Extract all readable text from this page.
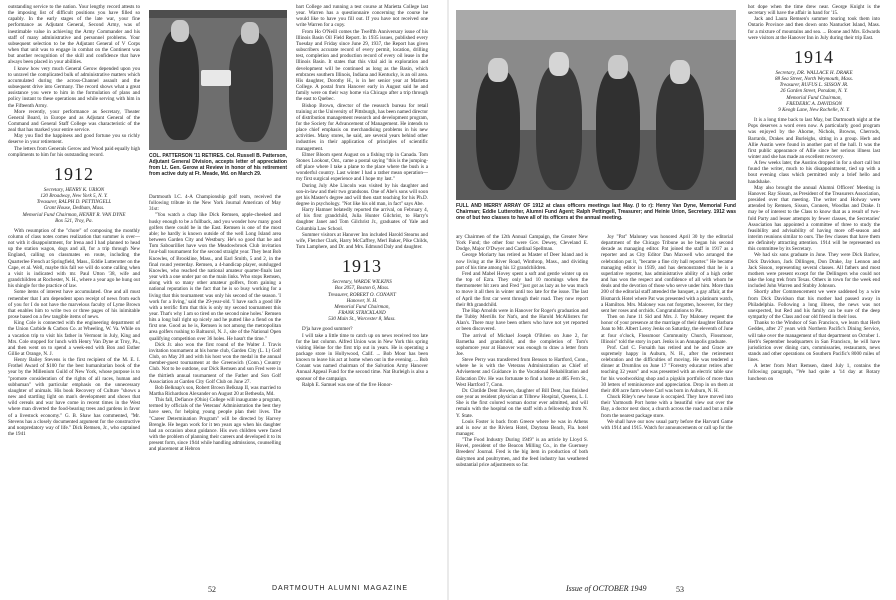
outstanding service to the nation. Your lengthy record attests to the imposing list of difficult positions you have filled so capably. In the early stages of the late war, your fine performance as Adjutant General, Second Army, was of inestimable value in achieving the Army Commander and his staff of many administrative and personnel problems. Your subsequent selection to be the Adjutant General of V Corps when that unit was to engage in combat on the Continent was but another recognition of the skill and confidence that have always been placed in your abilities.

I know how very much General Gerow depended upon you to unravel the complicated bulk of administrative matters which accumulated during the across-Channel assault and the subsequent drive into Germany. The record shows what a great assistance you were to him in the formulation of plans and policy instant to these operations and while serving with him in the Fifteenth Army.

More recently, your performance as Secretary, Theater General Board, in Europe and as Adjutant General of the Command and General Staff College was characteristic of the zeal that has marked your entire service.

May you find the happiness and good fortune you so richly deserve in your retirement.

The letters from Generals Gerow and Wood paid equally high compliments to him for his outstanding record.

1912

Secretary, HENRY K. URION

120 Broadway, New York 5, N. Y.

Treasurer, RALPH D. PETTINGELL

Grant House, Dedham, Mass.

Memorial Fund Chairman, HENRY R. VAN DYNE

Box 521, Troy, Pa.

With resumption of the "chore" of composing the monthly column of class notes comes realization that summer is over—not with it disappointment, for Irena and I had planned to head up the station wagon, dogs and all, for a trip through New England, calling on classmates en route, including the Quarterlee French at Springfield, Mass., Eddie Lutterotter on the Cape, et al. Well, maybe this fall we will do some calling when a visit is indicated with mr. Paul Utton '38, wife and grandchildren at Rochester, N. H., where a year ago he hung out his shingle for the practice of law.

Some items of interest have accumulated. One and all must remember that I am dependent upon receipt of news from each of you for I do not have the marvelous faculty of Lyme Brown that enables him to write two or three pages of his inimitable prose based on a few tangible items of news.

King Cole is connected with the engineering department of the Union Carbide & Carbon Co. at Wheeling, W. Va. While on a vacation trip to visit his father in Vermont in July, King and Mrs. Cole stopped for lunch with Henry Van Dyne at Troy, Pa., and then went on to spend a week-end with Bon and Esther Gillie at Orange, N. J.

Henry Bailey Stevens is the first recipient of the M. E. I. Frothel Award of $100 for the best humanitarian book of the year by the Millenium Guild of New York, whose purpose is to "promote consideration of the rights of all races, human and subhuman" with particular emphasis on the unnecessary slaughter of animals. His book Recovery of Culture "shows a new and startling light on man's development and shows that wild cereals and war have come in recent times in the West where man diverted the food-bearing trees and gardens in favor of a livestock economy." G. B. Shaw has commented, "Mr. Stevens has a closely documented argument for the constructive and nonpredatory way of life." Dick Remsen, Jr., who captained the 1941

COL. PATTERSON '11 RETIRES. Col. Russell B. Patterson, Adjutant General Division, accepts letter of appreciation from Lt. Gen. Gerow at Review in honor of his retirement from active duty at Ft. Meade, Md. on March 29.

Dartmouth I.C. 4-A Championship golf team, received the following tribute in the New York Journal American of May 31st:

"You watch a chap like Dick Remsen, apple-cheeked and husky enough to be a fullback, and you wonder how many good golfers there could be in the East. Remsen is one of the most able; he hardly is known outside of the well Long Island area between Garden City and Westbury. He's so good that he and Tom Sabourilliet have won the Meadowbrook Club invitation four-ball tournament for the second straight year. They beat Bob Knowles, of Brookline, Mass., and Earl Smith, 5 and 2, in the final round yesterday. Remsen, a 4-handicap player, outslugged Knowles, who reached the national amateur quarter-finals last year with a one under par on the main links. Who stops Remsen, along with so many other amateur golfers, from gaining a national reputation is the fact that he is so busy working for a living that this tournament was only his second of the season. 'I work for a living,' said the 29-year-old. 'I have such a good life with a terrific firm that this is only my second tournament this year. That's why I am so tired on the second nine holes.' Remsen hits a long ball right up nicely and he putted like a fiend on the first one. Good as he is, Remsen is not among the metropolitan area golfers rushing to Baltusrol, N. J., site of the National Open qualifying competition over 36 holes. He hasn't the time."

Dick Jr. also won the first round of the Walter J. Travis invitation tournament at his home club, Garden City (L. I.) Golf Club, on May 20 and with his host won the medal in the annual member-guest tournament at the Greenwich (Conn.) Country Club. Not to be outdone, our Dick Remsen and son Fred were in the thirtieth annual tournament of the Father and Son Golf Association at Garden City Golf Club on June 27.

Bob Belknap's son, Robert Brown Belknap II, was married to Martha Richardson Alexander on August 20 at Bethesda, Md.

This fall, Defiance (Ohio) College will inaugurate a program, termed by officials of the Veterans' Administration the best they have seen, for helping young people plan their lives. The "Career Determination Program" will be directed by Harvey Brengle. He began work for it ten years ago when his daughter had an occasion about guidance. His own children were faced with the problem of planning their careers and developed it to its present form, since 1944 while handling admissions, counselling and placement at Hebron

bart College and running a test course at Marietta College last year. Warren has a questionnaire concerning the course he would like to have you fill out. If you have not received one write Warren for a copy.

From Ho O'Neill comes the Twelfth Anniversary issue of his Illinois Basin Oil Field Report. In 1935 issues, published every Tuesday and Friday since June 29, 1937, the Report has given subscribers accurate record of every permit, location, drilling test, completion and production record of every oil lease in the Illinois Basin. It states that this vital aid in exploration and development will be continued as long as the Basin, which embraces southern Illinois, Indiana and Kentucky, is an oil area. His daughter, Dorothy H., is in her senior year at Marietta College. A postal from Hanover early in August said he and family were on their way home via Chicago after a trip through the east to Quebec.

Bishop Brown, director of the research bureau for retail training at the University of Pittsburgh, has been named director of distribution management research and development program, for the Society for Advancement of Management. He intends to place chief emphasis on merchandising problems in his new activities. Many stores, he said, are several years behind other industries in their application of principles of scientific management.

Elmer Bloom spent August on a fishing trip in Canada. Tom Stonex Lookout, Ont., came a postal saying "this is the jumping-off place where I take a plane to the place where the bush is a wonderful country. Last winter I had a rather mean operation—my first surgical experience and I hope my last."

During July Abe Lincoln was visited by his daughter and son-in-law and their two grandsons. One of Abe's sons will soon get his Master's degree and will then start teaching for his Ph.D. degree in psychology. "Not like his old man, in fact" says Abe.

Harry Hamner belatedly reported the arrival, on February 4, of his first grandchild, Julia Hunter Gilchrist, to Harry's daughter Janet and Tom Gilchrist Jr., graduates of Yale and Columbia Law School.

Summer visitors at Hanover Inn included Harold Stearns and wife, Fletcher Clark, Harry McCaffrey, Merl Baker, Pike Childs, Tom Lamphere, and Dr. and Mrs. Edmund Daly and daughter.

1913

Secretary, WARDE WILKINS

Box 2057, Boston 6, Mass.

Treasurer, ROBERT O. CONANT

Hanover, N. H.

Memorial Fund Chairman,

FRANK STRICKLAND

530 Main St., Worcester 8, Mass.

D'ja have good summer?

I will take a little time to catch up on news received too late for the last column. Alfred Union was in New York this spring visiting Heine for the first trip out in years. He is operating a package store in Hollywood, Calif. ... Bob Moor has been known to leave his act at home when out in the evening. ... Bob Conant was named chairman of the Salvation Army Hanover Annual Appeal Fund for the second time. Nat Burleigh is also a sponsor of the campaign.

Ralph E. Samuel was one of the five Honor-

52	DARTMOUTH ALUMNI MAGAZINE
FULL AND MERRY ARRAY OF 1912 at class officers meetings last May. (l to r): Henry Van Dyne, Memorial Fund Chairman; Eddie Lutterotter, Alumni Fund Agent; Ralph Pettingell, Treasurer; and Heinie Urion, Secretary. 1912 was one of but two classes to have all of its officers at the annual meeting.

ary Chairmen of the 12th Annual Campaign, the Greater New York Fund; the other four were Gov. Dewey, Cleveland E. Dodge, Major O'Dwyer and Cardinal Spellman.

George Moriarty has retired as Master of Deer Island and is now living at the River Road, Winthrop, Mass., and dividing part of his time among his 12 grandchildren.

Fred and Mabel Hovey spent a soft and gentle winter up on the top of Ezra. They only had 10 mornings when the thermometer hit zero and Fred "just got as lazy as he was much to move it all then in winter until too late for the issue. The last of April the first car went through their road. They now report their 8th grandchild.

The Hap Arnolds were in Hanover for Roger's graduation and the Tubby Merrills for Nat's, and the Harold McAllisters for Alan's. There may have been others who have not yet reported or been discovered.

The arrival of Michael Joseph O'Brien on June 2, for Barnetha and grandchild, and the completion of Tom's sophomore year at Hanover was enough to draw a letter from Joe.

Steve Perry was transferred from Benson to Hartford, Conn., where he is with the Veterans Administration as Chief of Advisement and Guidance in the Vocational Rehabilitation and Education Div. He was fortunate to find a home at 485 Fern St., West Hartford 7, Conn.

Dr. Clotilde Dent Bowen, daughter of Bill Dent, has finished one year as resident physician at Tilbrew Hospital, Queens, L. I. She is the first colored woman doctor ever admitted, and will remain with the hospital on the staff with a fellowship from N. Y. State.

Louis Foster is back from Greece where he was in Athens and is now at the Riviera Hotel, Daytona Beach, Fla. hotel manager.

"The Food Industry During 1949" is an article by Lloyd S. Hovel, president of the Beacon Milling Co., in the Guernsey Breeders' Journal. Fred is the big item in production of both dairymen and poultrymen, and the feed industry has weathered substantial price adjustments so far.

Joy "Pat" Maloney was honored April 30 by the editorial department of the Chicago Tribune as he began his second decade as managing editor. Pat joined the staff in 1917 as a reporter and as City Editor Dan Maxwell who arranged the celebration put it, "became a fine city hall reporter." He became managing editor in 1939, and has demonstrated that he is a superlative reporter, has administrative ability of a high order and has won the respect and confidence of all with whom he deals and the devotion of those who serve under him. More than 200 of the editorial staff attended the banquet, a gay affair, at the Bismarck Hotel where Pat was presented with a platinum watch, a Hamilton. Mrs. Maloney was not forgotten, however, for they sent her roses and orchids. Congratulations to Pat.

Then on June 11 Sid and Mrs. J. Toy Maloney request the honor of your presence at the marriage of their daughter Barbara Joan to Mr. Albert Leroy Jenks on Saturday, the eleventh of June at four o'clock, Flossmoor Community Church, Flossmoor, Illinois" told the story in part. Jenks is an Annapolis graduate.

Prof. Carl C. Forsaith has retired and he and Grace are supremely happy in Auburn, N. H., after the retirement celebration and the difficulties of moving. He was tendered a dinner at Drumlins on June 17 "Forestry educator retires after teaching 32 years" and was presented with an electric table saw for his woodworking shop and a pigskin portfolio of more than 30 letters of reminiscence and appreciation. Drop in on them at their 400 acre farm where Carl was born in Auburn, N. H.

Chuck Riley's new house is occupied. They have moved into their Yarmouth Port home with a beautiful view out over the Bay, a doctor next door, a church across the road and but a mile from the nearest package store.

We shall have our now usual party before the Harvard Game with 1914 and 1915. Watch for announcements or call up for the

hot dope when the time drew near. George Knight is the secretary will have the affair in hand for '15.

Jack and Laura Remsen's summer touring took them into Ontario Province and then down onto Nantucket Island, Mass. for a mixture of mountains and sea. ... Boone and Mrs. Edwards were visitors at the Hanover Inn in July during their trip East.

1914

Secretary, DR. WALLACE H. DRAKE

88 Sea Street, North Weymouth, Mass.

Treasurer, RUFUS L. SISSON JR.

26 Garden Street, Potsdam, N. Y.

Memorial Fund Chairman,

FREDERIC A. DAVIDSON

9 Keogh Lane, New Rochelle, N. Y.

It is a long time back to last May, but Dartmouth night at the Pops deserves a word even now. A particularly good program was enjoyed by the Ahorne, Nichols, Browns, Cherrods, Barrards, Drakes and Burleighs, sitting in a group. Herb and Allie Austin were found in another part of the hall. It was the first public appearance of Allie since her serious illness last winter and she has made an excellent recovery.

A few weeks later, the Austins dropped in for a short call but found the writer, much to his disappointment, tied up with a bout evening class which permitted only a brief hello and handshake.

May also brought the annual Alumni Officers' Meeting in Hanover. Ray Sisson, as President of the Treasurers Association, presided over that meeting. The writer and Holway were attended by Remsen, Sisson, Conners, Woodlas and Drake. It may be of interest to the Class to know that as a result of two-fold Party and lesser attempts by fewer classes, the Secretaries' Association has appointed a committee of three to study the feasibility and advisability of having more off-season and interim reunions similar to ours. The few classes that have them are definitely attracting attention. 1914 will be represented on this committee by its Secretary.

We had six sons graduate in June. They were Dick Barlow, Dick Davidson, Jack Dillingen, Don Drake, Jay Lennon and Jack Sisson, representing several classes. All fathers and most mothers were present except for the Dellingers who could not take the long trek from Texas. Others in town for the week end included John Warren and Stubby Johnson.

Shortly after Commencement we were saddened by a wire from Dick Davidson that his mother had passed away in Philadelphia. Following a long illness, the news was not unexpected, but Red and his family can be sure of the deep sympathy of the Class and our old friend in their loss.

Thanks to the Windsor of San Francisco, we learn that Herb Geddes, after 27 years with Northern Pacific's Dining Service, will take over the management of that department on October 1. Herb's September headquarters in San Francisco, he will have jurisdiction over dining cars, commissaries, restaurants, news stands and other operations on Southern Pacific's 8000 miles of lines.

A letter from Mort Remsen, dated July 1, contains the following paragraph, "We had quite a '14 day at Rotary luncheon on

Issue of OCTOBER 1949	53
